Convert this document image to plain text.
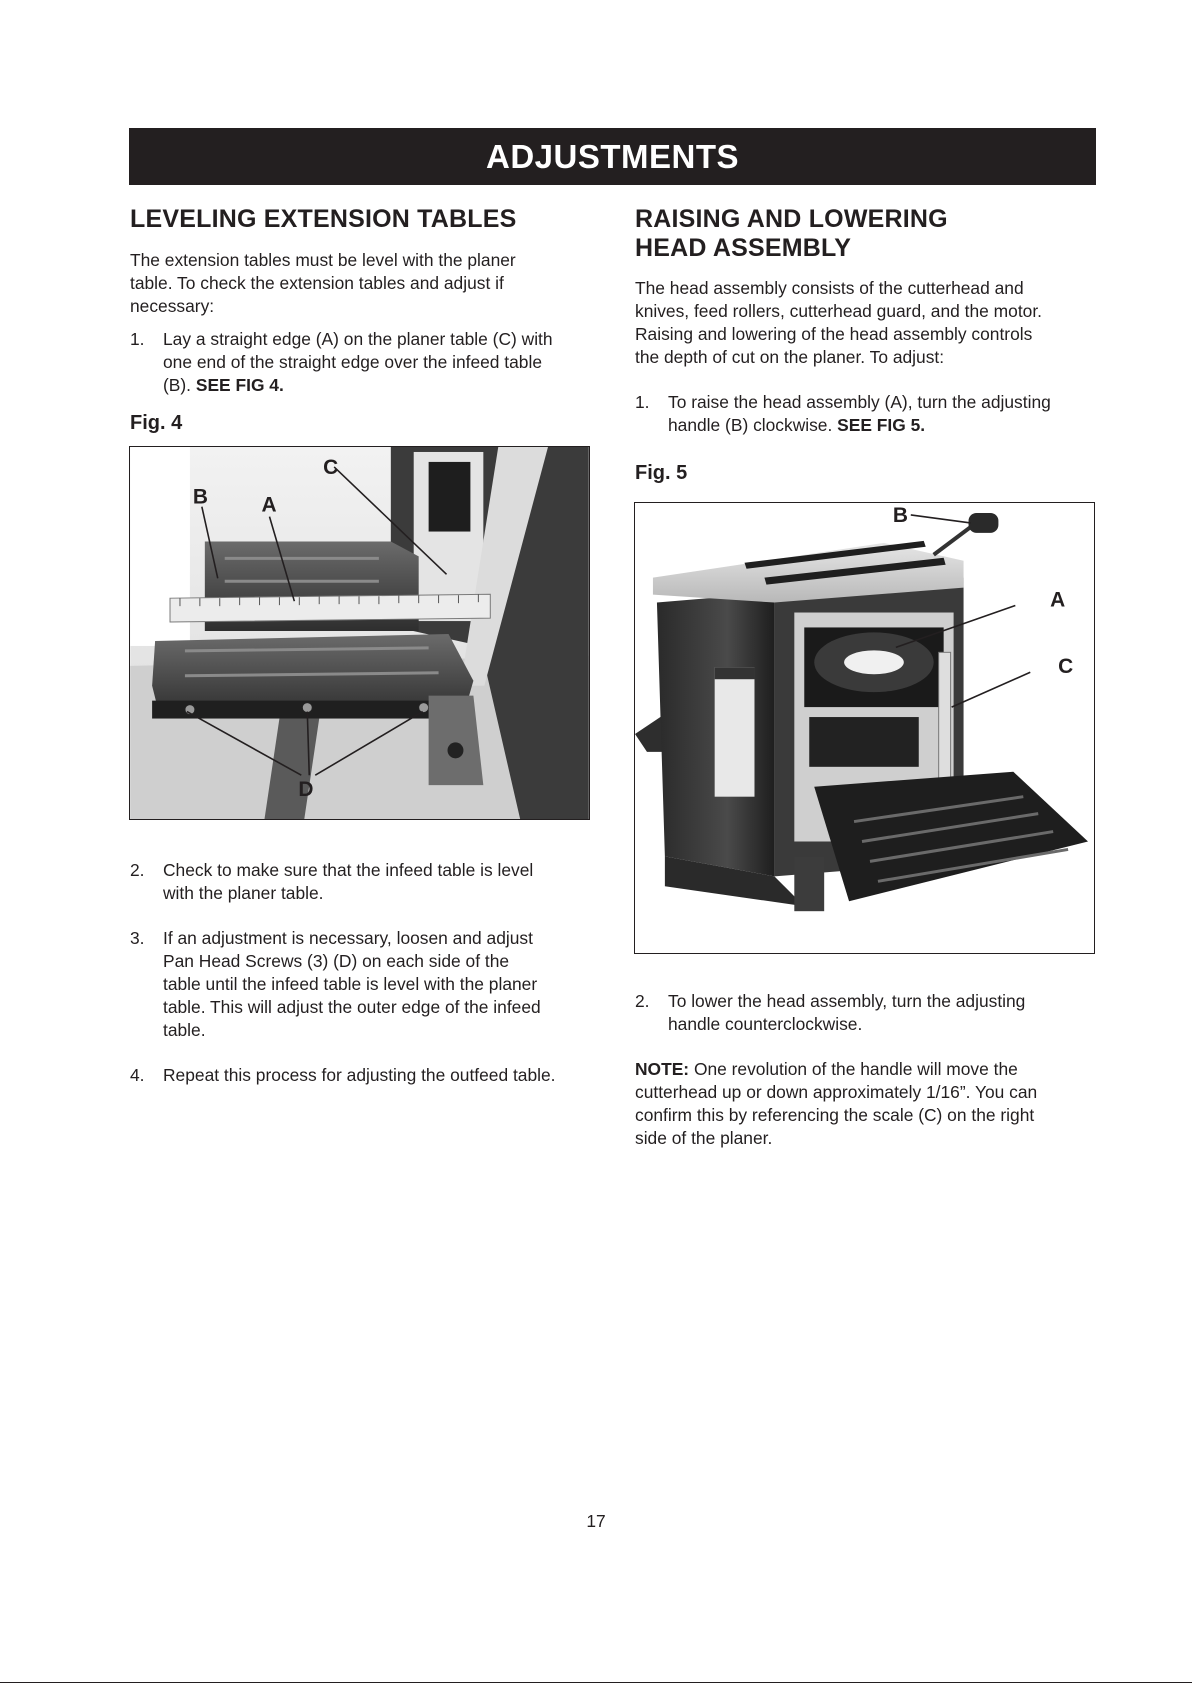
ADJUSTMENTS
LEVELING EXTENSION TABLES
The extension tables must be level with the planer
table. To check the extension tables and adjust if
necessary:
1. Lay a straight edge (A) on the planer table (C) with
one end of the straight edge over the infeed table
(B). SEE FIG 4.
Fig. 4
C
B	A
D
2. Check to make sure that the infeed table is level
with the planer table.
3. If an adjustment is necessary, loosen and adjust
Pan Head Screws (3) (D) on each side of the
table until the infeed table is level with the planer
table. This will adjust the outer edge of the infeed
table.
4. Repeat this process for adjusting the outfeed table.
RAISING AND LOWERING
HEAD ASSEMBLY
The head assembly consists of the cutterhead and
knives, feed rollers, cutterhead guard, and the motor.
Raising and lowering of the head assembly controls
the depth of cut on the planer. To adjust:
1. To raise the head assembly (A), turn the adjusting
handle (B) clockwise. SEE FIG 5.
Fig. 5
B
A
C
2. To lower the head assembly, turn the adjusting
handle counterclockwise.
NOTE: One revolution of the handle will move the
cutterhead up or down approximately 1/16”. You can
confirm this by referencing the scale (C) on the right
side of the planer.
17
